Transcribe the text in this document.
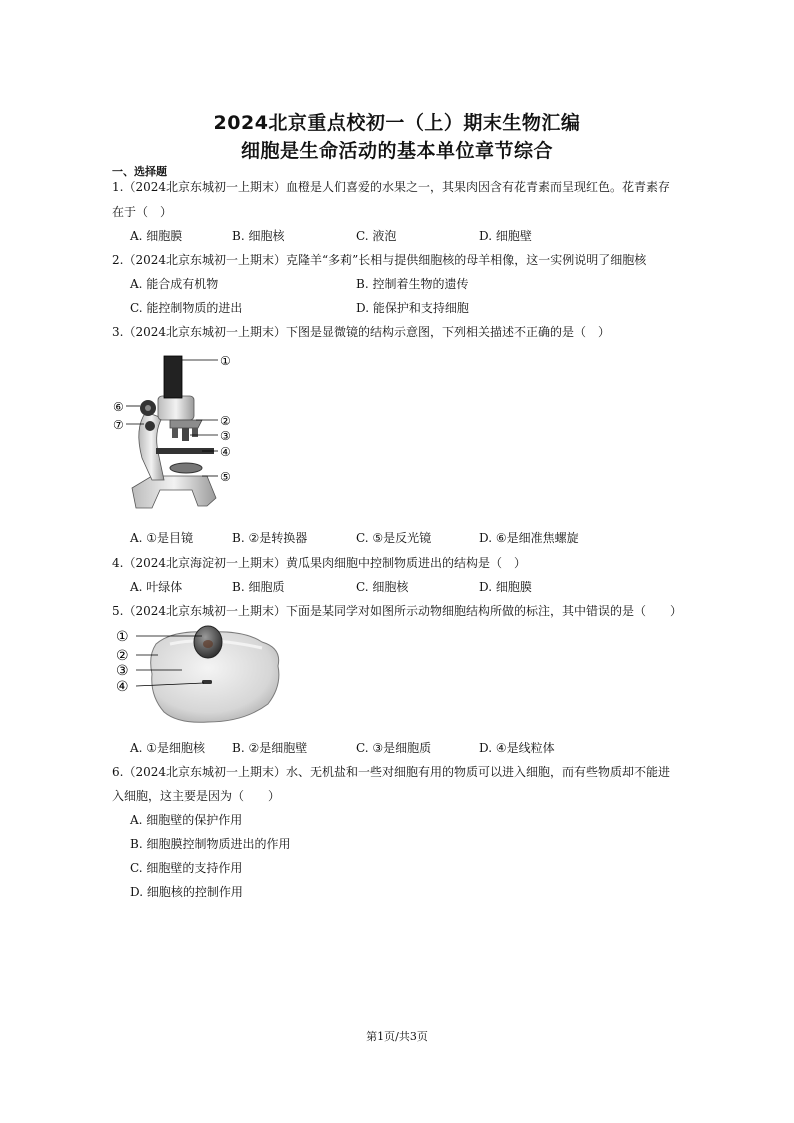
2024北京重点校初一（上）期末生物汇编
细胞是生命活动的基本单位章节综合
一、选择题
1.（2024北京东城初一上期末）血橙是人们喜爱的水果之一，其果肉因含有花青素而呈现红色。花青素存
在于（　）
A. 细胞膜	B. 细胞核	C. 液泡	D. 细胞壁
2.（2024北京东城初一上期末）克隆羊“多莉”长相与提供细胞核的母羊相像，这一实例说明了细胞核
A. 能合成有机物	B. 控制着生物的遗传
C. 能控制物质的进出	D. 能保护和支持细胞
3.（2024北京东城初一上期末）下图是显微镜的结构示意图，下列相关描述不正确的是（　）
①
②
③
④
⑤
⑥
⑦
A. ①是目镜	B. ②是转换器	C. ⑤是反光镜	D. ⑥是细准焦螺旋
4.（2024北京海淀初一上期末）黄瓜果肉细胞中控制物质进出的结构是（　）
A. 叶绿体	B. 细胞质	C. 细胞核	D. 细胞膜
5.（2024北京东城初一上期末）下面是某同学对如图所示动物细胞结构所做的标注，其中错误的是（　　）
①
②
③
④
A. ①是细胞核 B. ②是细胞壁	C. ③是细胞质	D. ④是线粒体
6.（2024北京东城初一上期末）水、无机盐和一些对细胞有用的物质可以进入细胞，而有些物质却不能进
入细胞，这主要是因为（　　）
A. 细胞壁的保护作用
B. 细胞膜控制物质进出的作用
C. 细胞壁的支持作用
D. 细胞核的控制作用
第1页/共3页
